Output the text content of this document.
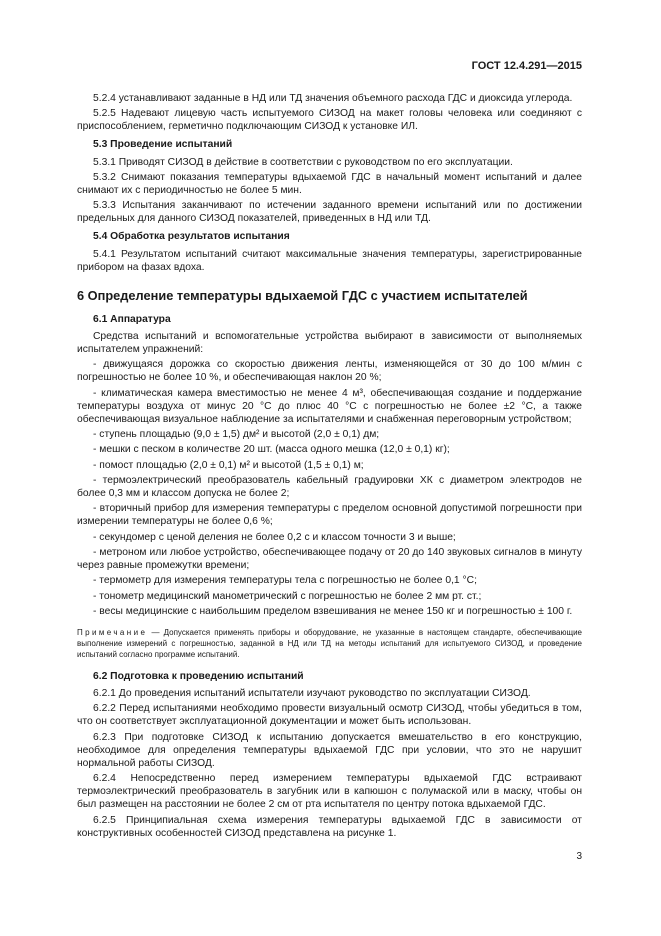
ГОСТ 12.4.291—2015
5.2.4 устанавливают заданные в НД или ТД значения объемного расхода ГДС и диоксида углерода.
5.2.5 Надевают лицевую часть испытуемого СИЗОД на макет головы человека или соединяют с приспособлением, герметично подключающим СИЗОД к установке ИЛ.
5.3 Проведение испытаний
5.3.1 Приводят СИЗОД в действие в соответствии с руководством по его эксплуатации.
5.3.2 Снимают показания температуры вдыхаемой ГДС в начальный момент испытаний и далее снимают их с периодичностью не более 5 мин.
5.3.3 Испытания заканчивают по истечении заданного времени испытаний или по достижении предельных для данного СИЗОД показателей, приведенных в НД или ТД.
5.4 Обработка результатов испытания
5.4.1 Результатом испытаний считают максимальные значения температуры, зарегистрированные прибором на фазах вдоха.
6 Определение температуры вдыхаемой ГДС с участием испытателей
6.1 Аппаратура
Средства испытаний и вспомогательные устройства выбирают в зависимости от выполняемых испытателем упражнений:
- движущаяся дорожка со скоростью движения ленты, изменяющейся от 30 до 100 м/мин с погрешностью не более 10 %, и обеспечивающая наклон 20 %;
- климатическая камера вместимостью не менее 4 м³, обеспечивающая создание и поддержание температуры воздуха от минус 20 °С до плюс 40 °С с погрешностью не более ±2 °С, а также обеспечивающая визуальное наблюдение за испытателями и снабженная переговорным устройством;
- ступень площадью (9,0 ± 1,5) дм² и высотой (2,0 ± 0,1) дм;
- мешки с песком в количестве 20 шт. (масса одного мешка (12,0 ± 0,1) кг);
- помост площадью (2,0 ± 0,1) м² и высотой (1,5 ± 0,1) м;
- термоэлектрический преобразователь кабельный градуировки ХК с диаметром электродов не более 0,3 мм и классом допуска не более 2;
- вторичный прибор для измерения температуры с пределом основной допустимой погрешности при измерении температуры не более 0,6 %;
- секундомер с ценой деления не более 0,2 с и классом точности 3 и выше;
- метроном или любое устройство, обеспечивающее подачу от 20 до 140 звуковых сигналов в минуту через равные промежутки времени;
- термометр для измерения температуры тела с погрешностью не более 0,1 °С;
- тонометр медицинский манометрический с погрешностью не более 2 мм рт. ст.;
- весы медицинские с наибольшим пределом взвешивания не менее 150 кг и погрешностью ± 100 г.
Примечание — Допускается применять приборы и оборудование, не указанные в настоящем стандарте, обеспечивающие выполнение измерений с погрешностью, заданной в НД или ТД на методы испытаний для испытуемого СИЗОД, и проведение испытаний согласно программе испытаний.
6.2 Подготовка к проведению испытаний
6.2.1 До проведения испытаний испытатели изучают руководство по эксплуатации СИЗОД.
6.2.2 Перед испытаниями необходимо провести визуальный осмотр СИЗОД, чтобы убедиться в том, что он соответствует эксплуатационной документации и может быть использован.
6.2.3 При подготовке СИЗОД к испытанию допускается вмешательство в его конструкцию, необходимое для определения температуры вдыхаемой ГДС при условии, что это не нарушит нормальной работы СИЗОД.
6.2.4 Непосредственно перед измерением температуры вдыхаемой ГДС встраивают термоэлектрический преобразователь в загубник или в капюшон с полумаской или в маску, чтобы он был размещен на расстоянии не более 2 см от рта испытателя по центру потока вдыхаемой ГДС.
6.2.5 Принципиальная схема измерения температуры вдыхаемой ГДС в зависимости от конструктивных особенностей СИЗОД представлена на рисунке 1.
3
